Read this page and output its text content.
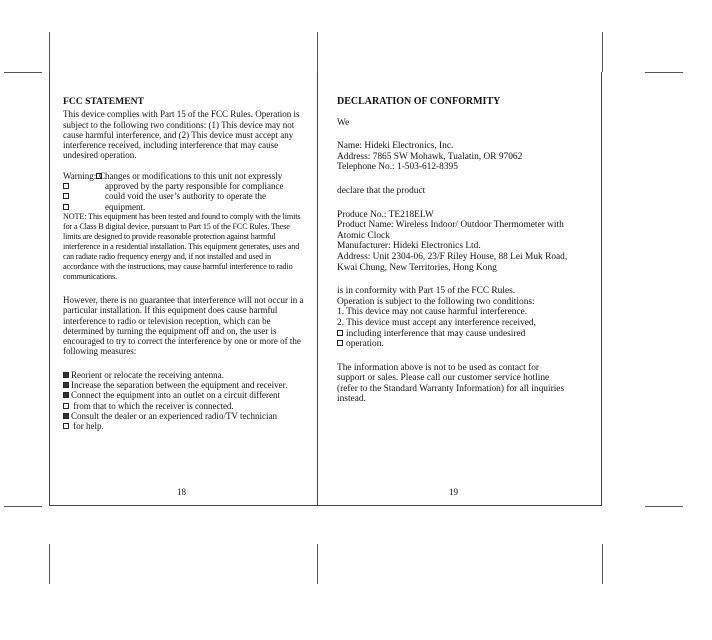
FCC STATEMENT

This device complies with Part 15 of the FCC Rules. Operation is subject to the following two conditions: (1) This device may not cause harmful interference, and (2) This device must accept any interference received, including interference that may cause undesired operation.

Warning: Changes or modifications to this unit not expressly
approved by the party responsible for compliance
could void the user’s authority to operate the
equipment.

NOTE: This equipment has been tested and found to comply with the limits for a Class B digital device, pursuant to Part 15 of the FCC Rules. These limits are designed to provide reasonable protection against harmful interference in a residential installation. This equipment generates, uses and can radiate radio frequency energy and, if not installed and used in accordance with the instructions, may cause harmful interference to radio communications.

However, there is no guarantee that interference will not occur in a particular installation. If this equipment does cause harmful interference to radio or television reception, which can be determined by turning the equipment off and on, the user is encouraged to try to correct the interference by one or more of the following measures:

Reorient or relocate the receiving antenna.
Increase the separation between the equipment and receiver.
Connect the equipment into an outlet on a circuit different
from that to which the receiver is connected.
Consult the dealer or an experienced radio/TV technician
for help.
18

DECLARATION OF CONFORMITY

We

Name: Hideki Electronics, Inc.

Address: 7865 SW Mohawk, Tualatin, OR 97062

Telephone No.: 1-503-612-8395

declare that the product

Produce No.: TE218ELW

Product Name: Wireless Indoor/ Outdoor Thermometer with Atomic Clock

Manufacturer: Hideki Electronics Ltd.

Address: Unit 2304-06, 23/F Riley House, 88 Lei Muk Road, Kwai Chung, New Territories, Hong Kong

is in conformity with Part 15 of the FCC Rules.

Operation is subject to the following two conditions:

1. This device may not cause harmful interference.

2. This device must accept any interference received,

including interference that may cause undesired

operation.

The information above is not to be used as contact for support or sales. Please call our customer service hotline (refer to the Standard Warranty Information) for all inquiries instead.

19
